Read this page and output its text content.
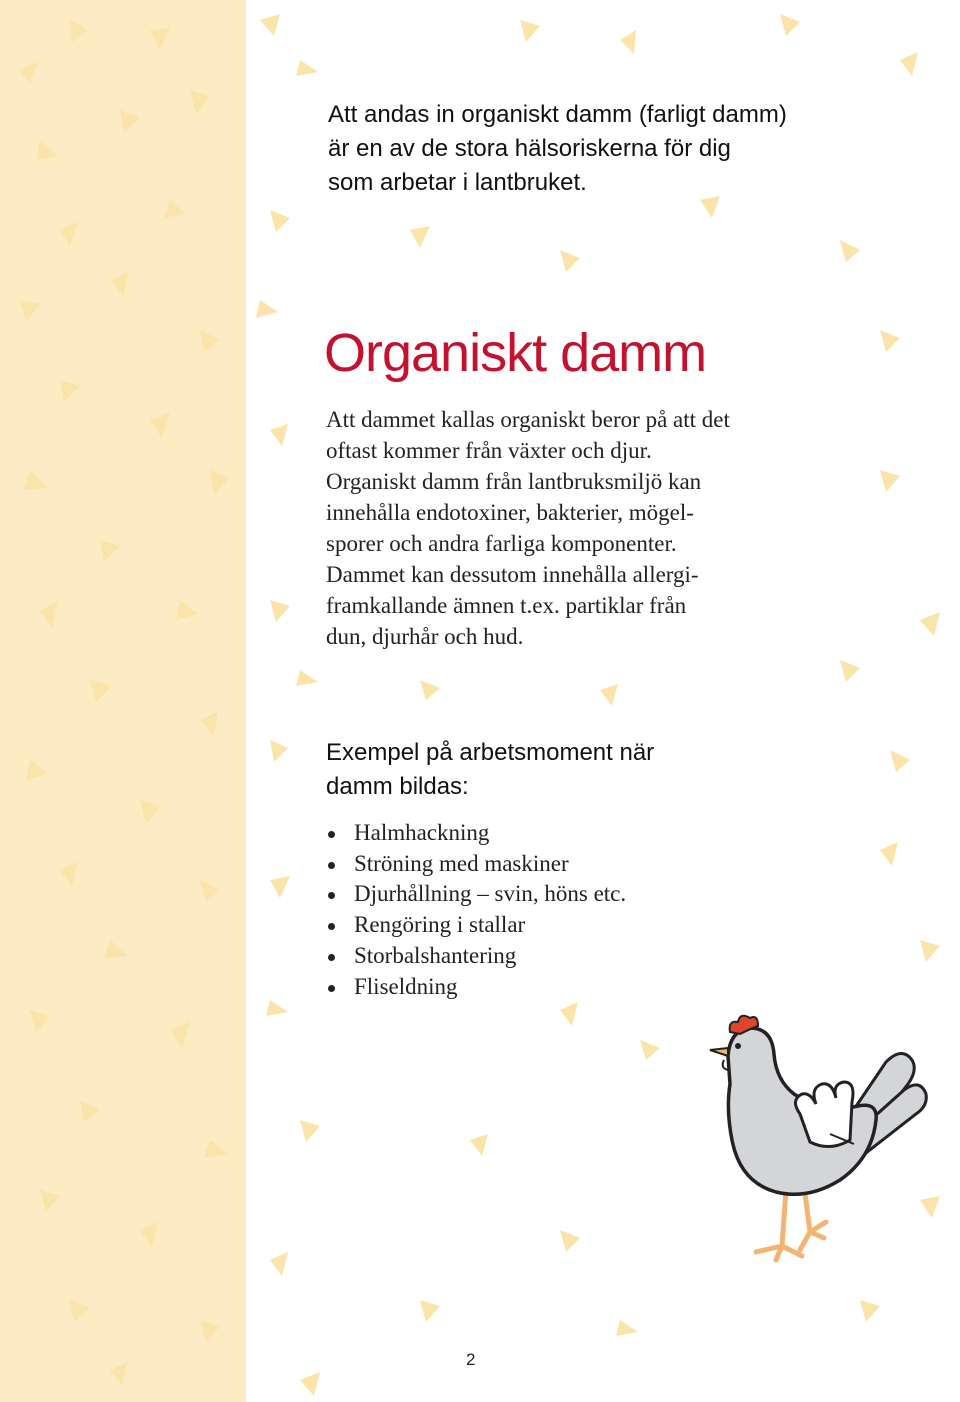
Att andas in organiskt damm (farligt damm)
är en av de stora hälsoriskerna för dig
som arbetar i lantbruket.
Organiskt damm

Att dammet kallas organiskt beror på att det
oftast kommer från växter och djur.
Organiskt damm från lantbruksmiljö kan
innehålla endotoxiner, bakterier, mögel-
sporer och andra farliga komponenter.
Dammet kan dessutom innehålla allergi-
framkallande ämnen t.ex. partiklar från
dun, djurhår och hud.

Exempel på arbetsmoment när
damm bildas:
Halmhackning
Ströning med maskiner
Djurhållning – svin, höns etc.
Rengöring i stallar
Storbalshantering
Fliseldning
2
